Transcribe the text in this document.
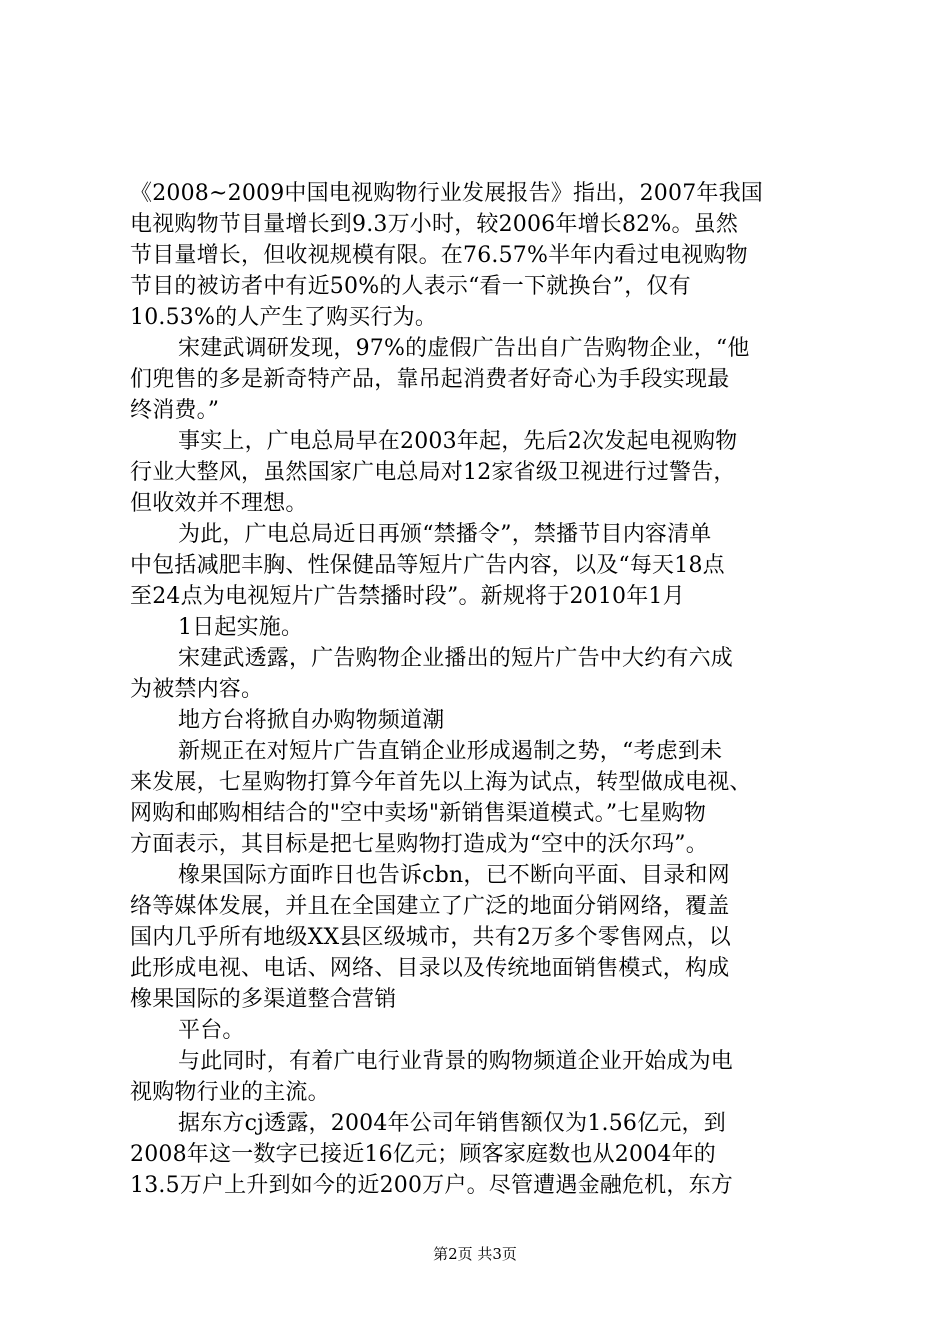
《2008~2009中国电视购物行业发展报告》指出，2007年我国
电视购物节目量增长到9.3万小时，较2006年增长82%。虽然
节目量增长，但收视规模有限。在76.57%半年内看过电视购物
节目的被访者中有近50%的人表示“看一下就换台”，仅有
10.53%的人产生了购买行为。
宋建武调研发现，97%的虚假广告出自广告购物企业，“他
们兜售的多是新奇特产品，靠吊起消费者好奇心为手段实现最
终消费。”
事实上，广电总局早在2003年起，先后2次发起电视购物
行业大整风，虽然国家广电总局对12家省级卫视进行过警告，
但收效并不理想。
为此，广电总局近日再颁“禁播令”，禁播节目内容清单
中包括减肥丰胸、性保健品等短片广告内容，以及“每天18点
至24点为电视短片广告禁播时段”。新规将于2010年1月
1日起实施。
宋建武透露，广告购物企业播出的短片广告中大约有六成
为被禁内容。
地方台将掀自办购物频道潮
新规正在对短片广告直销企业形成遏制之势，“考虑到未
来发展，七星购物打算今年首先以上海为试点，转型做成电视、
网购和邮购相结合的"空中卖场"新销售渠道模式。”七星购物
方面表示，其目标是把七星购物打造成为“空中的沃尔玛”。
橡果国际方面昨日也告诉cbn，已不断向平面、目录和网
络等媒体发展，并且在全国建立了广泛的地面分销网络，覆盖
国内几乎所有地级XX县区级城市，共有2万多个零售网点，以
此形成电视、电话、网络、目录以及传统地面销售模式，构成
橡果国际的多渠道整合营销
平台。
与此同时，有着广电行业背景的购物频道企业开始成为电
视购物行业的主流。
据东方cj透露，2004年公司年销售额仅为1.56亿元，到
2008年这一数字已接近16亿元；顾客家庭数也从2004年的
13.5万户上升到如今的近200万户。尽管遭遇金融危机，东方
第2页 共3页
